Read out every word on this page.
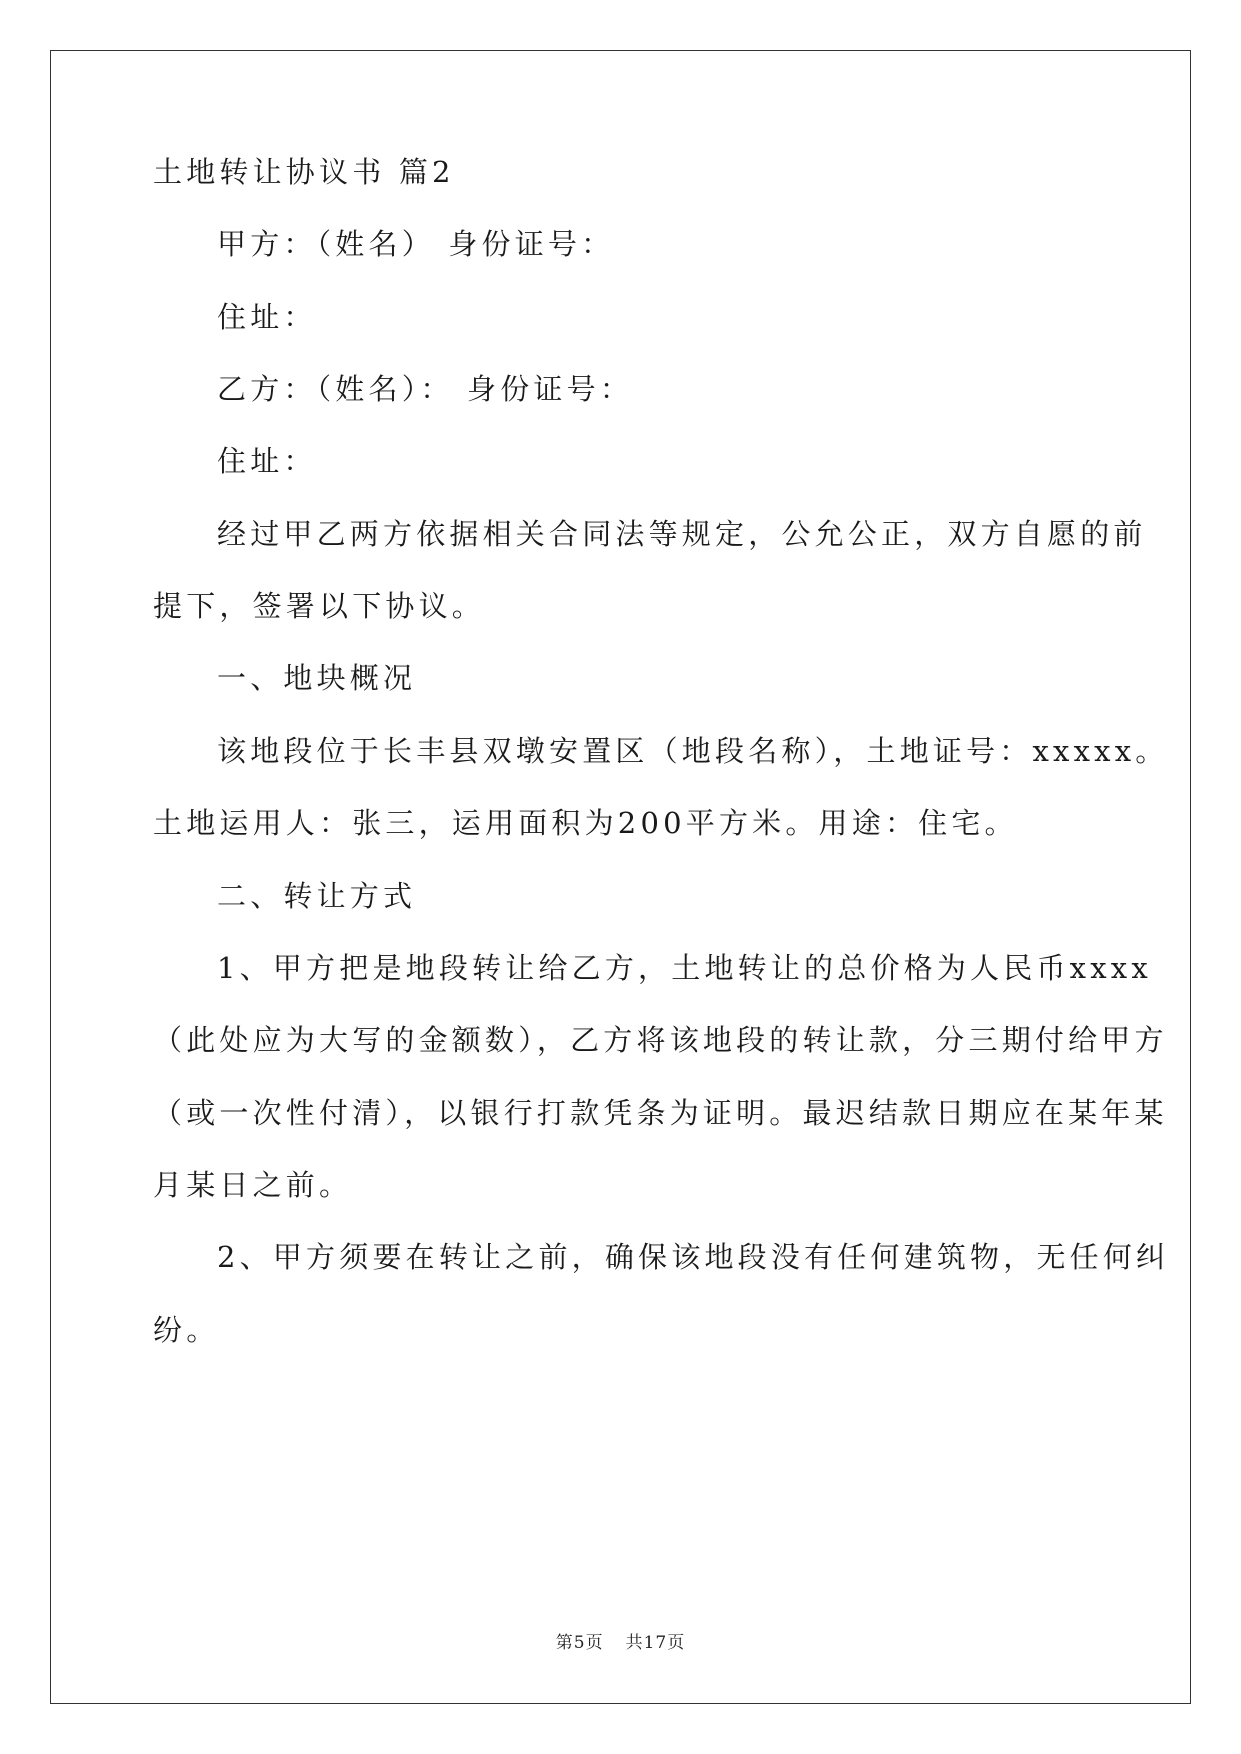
土地转让协议书 篇2
甲方：（姓名） 身份证号：
住址：
乙方：（姓名）： 身份证号：
住址：
经过甲乙两方依据相关合同法等规定，公允公正，双方自愿的前
提下，签署以下协议。
一、地块概况
该地段位于长丰县双墩安置区（地段名称），土地证号：xxxxx。
土地运用人：张三，运用面积为200平方米。用途：住宅。
二、转让方式
1、甲方把是地段转让给乙方，土地转让的总价格为人民币xxxx
（此处应为大写的金额数），乙方将该地段的转让款，分三期付给甲方
（或一次性付清），以银行打款凭条为证明。最迟结款日期应在某年某
月某日之前。
2、甲方须要在转让之前，确保该地段没有任何建筑物，无任何纠
纷。
第5页 共17页
